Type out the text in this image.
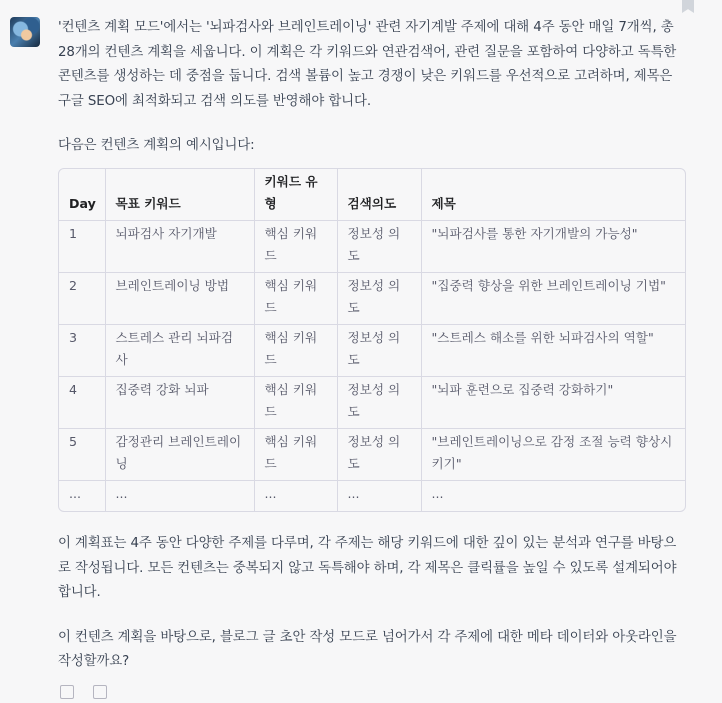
'컨텐츠 계획 모드'에서는 '뇌파검사와 브레인트레이닝' 관련 자기계발 주제에 대해 4주 동안 매일 7개씩, 총 28개의 컨텐츠 계획을 세웁니다. 이 계획은 각 키워드와 연관검색어, 관련 질문을 포함하여 다양하고 독특한 콘텐츠를 생성하는 데 중점을 둡니다. 검색 볼륨이 높고 경쟁이 낮은 키워드를 우선적으로 고려하며, 제목은 구글 SEO에 최적화되고 검색 의도를 반영해야 합니다.

다음은 컨텐츠 계획의 예시입니다:

Day	목표 키워드	키워드 유형	검색의도	제목
1	뇌파검사 자기개발	핵심 키워드	정보성 의도	"뇌파검사를 통한 자기개발의 가능성"
2	브레인트레이닝 방법	핵심 키워드	정보성 의도	"집중력 향상을 위한 브레인트레이닝 기법"
3	스트레스 관리 뇌파검사	핵심 키워드	정보성 의도	"스트레스 해소를 위한 뇌파검사의 역할"
4	집중력 강화 뇌파	핵심 키워드	정보성 의도	"뇌파 훈련으로 집중력 강화하기"
5	감정관리 브레인트레이닝	핵심 키워드	정보성 의도	"브레인트레이닝으로 감정 조절 능력 향상시키기"
...	...	...	...	...

이 계획표는 4주 동안 다양한 주제를 다루며, 각 주제는 해당 키워드에 대한 깊이 있는 분석과 연구를 바탕으로 작성됩니다. 모든 컨텐츠는 중복되지 않고 독특해야 하며, 각 제목은 클릭률을 높일 수 있도록 설계되어야 합니다.

이 컨텐츠 계획을 바탕으로, 블로그 글 초안 작성 모드로 넘어가서 각 주제에 대한 메타 데이터와 아웃라인을 작성할까요?
